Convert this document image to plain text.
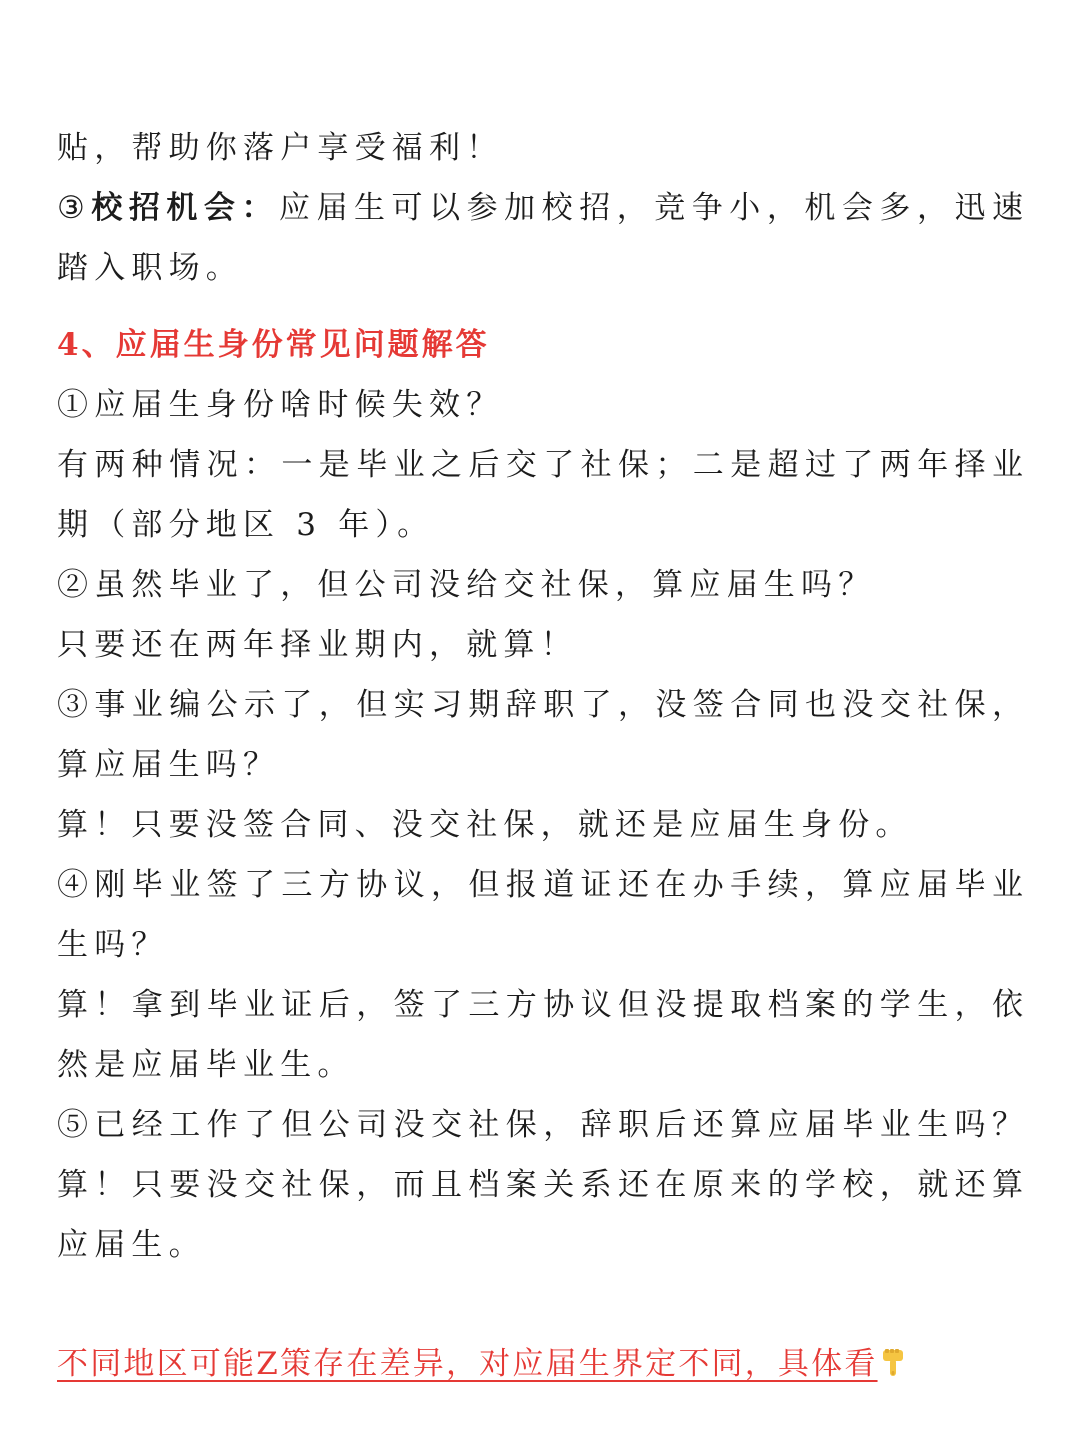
贴，帮助你落户享受福利！
③校招机会：应届生可以参加校招，竞争小，机会多，迅速
踏入职场。
4、应届生身份常见问题解答
①应届生身份啥时候失效？
有两种情况：一是毕业之后交了社保；二是超过了两年择业
期（部分地区 3 年）。
②虽然毕业了，但公司没给交社保，算应届生吗？
只要还在两年择业期内，就算！
③事业编公示了，但实习期辞职了，没签合同也没交社保，
算应届生吗？
算！只要没签合同、没交社保，就还是应届生身份。
④刚毕业签了三方协议，但报道证还在办手续，算应届毕业
生吗？
算！拿到毕业证后，签了三方协议但没提取档案的学生，依
然是应届毕业生。
⑤已经工作了但公司没交社保，辞职后还算应届毕业生吗？
算！只要没交社保，而且档案关系还在原来的学校，就还算
应届生。
不同地区可能Z策存在差异，对应届生界定不同，具体看
